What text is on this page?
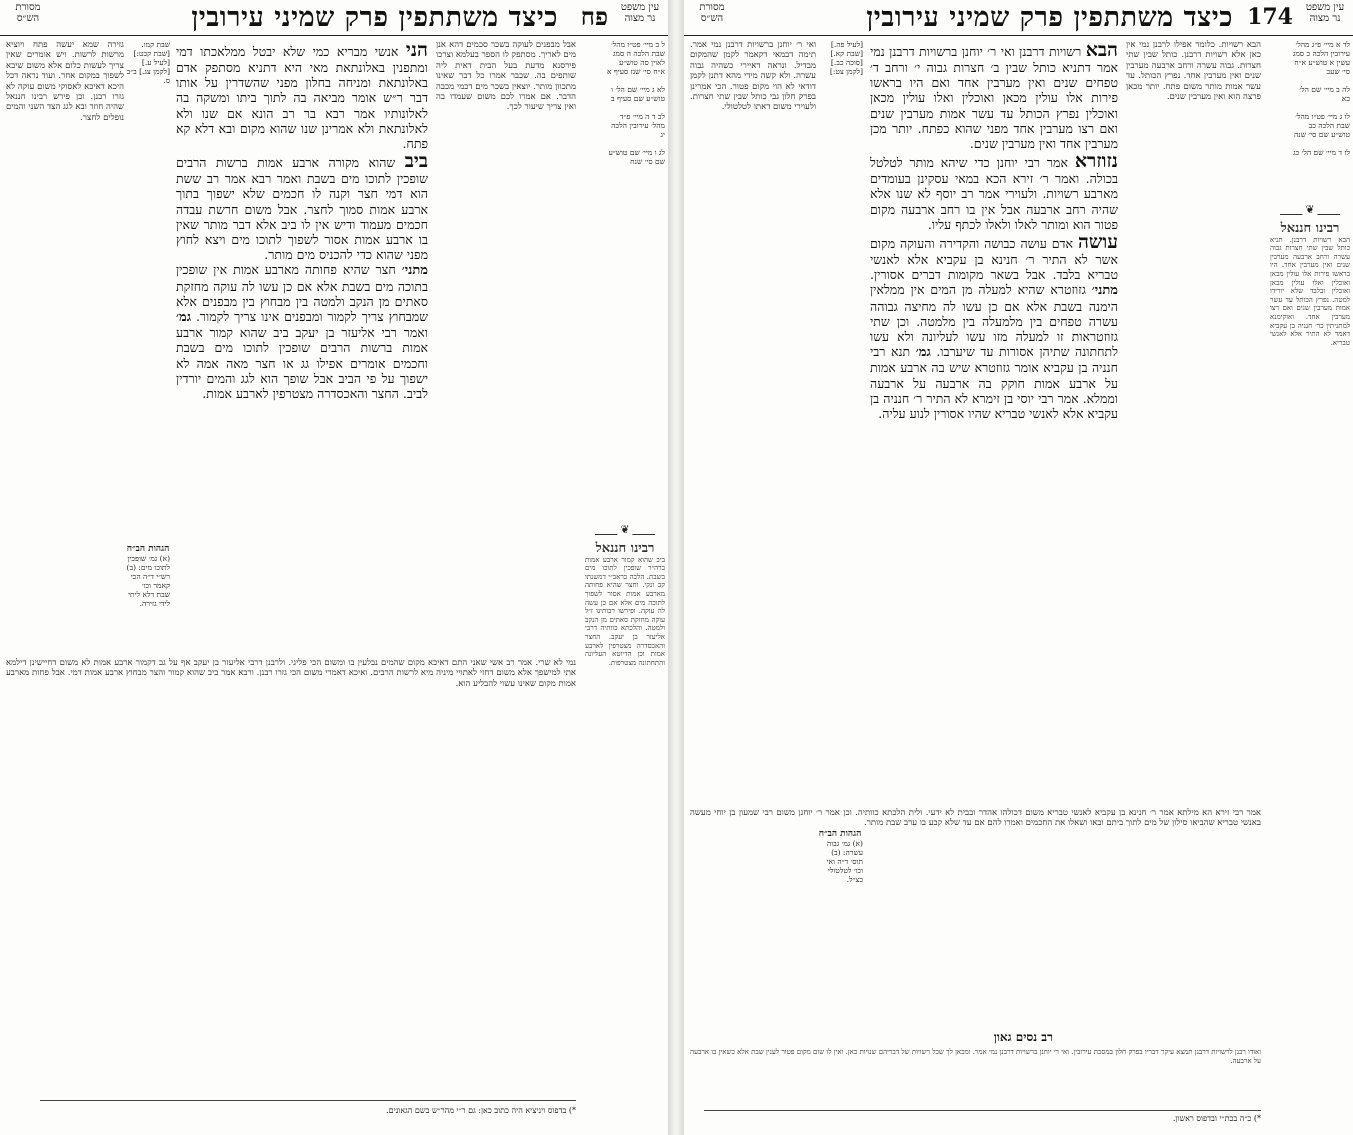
עין משפט
נר מצוה
פח
כיצד משתתפין פרק שמיני עירובין
מסורת
הש״ס
ל ב מיי׳ פט״ו מהל׳ שבת הלכה ה סמג לאוין סה טוש״ע א״ח סי׳ שנז סעיף א

לא ג מיי׳ שם הל׳ ו טוש״ע שם סעיף ב

לב ד ה מיי׳ פ״ד מהל׳ עירובין הלכה יג

לג ו מיי׳ שם טוש״ע שם סי׳ שנח
❦
רבינו חננאל
ביב שהוא קמור ארבע אמות ברה״ר שופכין לתוכו מים בשבת. הלכה כראב״י דמשנתו קב ונקי. וחצר שהיא פחותה מארבע אמות אסור לשפוך לתוכה מים אלא אם כן עשה לה עוקה. ופירשו רבותינו ז״ל עוקה מחזקת סאתים מן הנקב ולמטה. והלכתא כוותיה דרבי אליעזר בן יעקב. החצר והאכסדרה מצטרפין לארבע אמות וכן הדיוטא העליונה והתחתונה מצטרפות.
אבל מבפנים לעוקה בשכר סכמים דהא אנן מים לאריך. מסתפק לו הספר בעלמא וצרכו פירסנא מדעת בעל הבית דאית ליה שותפים בה. שכבר אמרו כל דבר שאינו מתכוון מותר. יוצאין בשכר מים דכמי מכבה הדבר. אם אמרו לכם משום שעמדו בה ואין צריך שיעור לכך.
הני אנשי מבריא כמי שלא יבטל ממלאכתו דמי ומתפנין באלונתאת מאי היא דתניא מסתפק אדם באלונתאת ומניחה בחלון מפני שהשדרין על אותו דבר ר״ש אומר מביאה בה לתוך ביתו ומשקה בה לאלונותיו אמר רבא בר רב הונא אם שנו ולא לאלונתאת ולא אמרינן שנו שהוא מקום ובא דלא קא פתח.
ביב שהוא מקורה ארבע אמות ברשות הרבים שופכין לתוכו מים בשבת ואמר רבא אמר רב ששת הוא דמי חצר וקנה לו חכמים שלא ישפוך בתוך ארבע אמות סמוך לחצר. אבל משום חרשת עבדה חכמים מעמוד ודיש אין לו ביב אלא דבר מותר שאין בו ארבע אמות אסור לשפוך לתוכו מים ויצא לחוץ מפני שהוא כדי להכניס מים מותר.
מתני׳ חצר שהיא פחותה מארבע אמות אין שופכין בתוכה מים בשבת אלא אם כן עשו לה עוקה מחזקת סאתים מן הנקב ולמטה בין מבחוץ בין מבפנים אלא שמבחוץ צריך לקמור ומבפנים אינו צריך לקמור. גמ׳ ואמר רבי אליעזר בן יעקב ביב שהוא קמור ארבע אמות ברשות הרבים שופכין לתוכו מים בשבת וחכמים אומרים אפילו גג או חצר מאה אמה לא ישפוך על פי הביב אבל שופך הוא לגג והמים יורדין לביב. החצר והאכסדרה מצטרפין לארבע אמות.
שבת קמו. [שבת קכט:] [לעיל ע.] [לקמן צג.] ב״ב ס.
הגהות הב״ח
(א) גמ׳ שופכין לתוכו מים: (ב) רש״י ד״ה הכי קאמר וכו׳ שבת דלא ליתי לידי גזירה.
גזירה שמא יעשה פתח ויוציא מרשות לרשות. ויש אומרים שאין צריך לעשות כלום אלא משום שיבא לשפוך במקום אחר. ועוד נראה דכל היכא דאיכא לאסוקי משום עוקה לא גזרו רבנן. וכן פירש רבינו חננאל שהיה חוזר ובא לגג הצד השני והמים נופלים לחצר.
נמי לא שרי. אמר רב אשי שאני התם דאיכא מקום שהמים נבלעין בו ומשום הכי פליגי. ולרבנן דרבי אליעזר בן יעקב אף על גב דקמור ארבע אמות לא משום דחיישינן דילמא אתי למישפך אלא משום דחזי לאתויי מיניה מיא לרשות הרבים. ואיכא דאמרי משום הכי גזרו רבנן. ורבא אמר ביב שהוא קמור והצר מבחוץ ארבע אמות דמי. אבל פחות מארבע אמות מקום שאינו עשוי להבליע הוא.
*) בדפוס ויניציא היה כתוב כאן: גם ר״י מהר״ש בשם הגאונים.
עין משפט
נר מצוה
174
כיצד משתתפין פרק שמיני עירובין
מסורת
הש״ס
לד א מיי׳ פ״ג מהל׳ עירובין הלכה כ סמג עשין א טוש״ע א״ח סי׳ שעב

לה ב מיי׳ שם הל׳ כא

לו ג מיי׳ פט״ו מהל׳ שבת הלכה כב טוש״ע שם סי׳ שנה

לז ד מיי׳ שם הל׳ כג
❦
רבינו חננאל
הבא רשויות דרבנן. תניא כותל שבין שתי חצרות גבוה עשרה ורחב ארבעה מערבין שנים ואין מערבין אחד. היו בראשו פירות אלו עולין מכאן ואוכלין ואלו עולין מכאן ואוכלין ובלבד שלא יורידו למטה. נפרץ הכותל עד עשר אמות מערבין שנים ואם רצו מערבין אחד. ואוקימנא למתניתין כר׳ חנניה בן עקביא דאמר לא התיר אלא לאנשי טבריא.
הבא רשויות. כלומר אפילו לרבנן נמי אין כאן אלא רשויות דרבנן. כותל שבין שתי חצרות. גבוה עשרה ורחב ארבעה מערבין שנים ואין מערבין אחד. נפרץ הכותל. עד עשר אמות מותר משום פתח. יותר מכאן פרצה הוא ואין מערבין שנים.
הבא רשויות דרבנן ואי ר׳ יוחנן ברשויות דרבנן נמי אמר דתניא כותל שבין ב׳ חצרות גבוה י׳ ורחב ד׳ טפחים שנים ואין מערבין אחד ואם היו בראשו פירות אלו עולין מכאן ואוכלין ואלו עולין מכאן ואוכלין נפרץ הכותל עד עשר אמות מערבין שנים ואם רצו מערבין אחד מפני שהוא כפתח. יותר מכן מערבין אחד ואין מערבין שנים.
נזוזרא אמר רבי יוחנן כדי שיהא מותר לטלטל בכולה. ואמר ר׳ זירא הכא במאי עסקינן בעומדים מארבע רשויות. ולעוירי אמר רב יוסף לא שנו אלא שהיה רחב ארבעה אבל אין בו רחב ארבעה מקום פטור הוא ומותר לאלו ולאלו לכתף עליו.
עושה אדם עושה כבושה והקדירה והעוקה מקום אשר לא התיר ר׳ חנינא בן עקביא אלא לאנשי טבריא בלבד. אבל בשאר מקומות דברים אסורין. מתני׳ גזוזטרא שהיא למעלה מן המים אין ממלאין הימנה בשבת אלא אם כן עשו לה מחיצה גבוהה עשרה טפחים בין מלמעלה בין מלמטה. וכן שתי גזוזטראות זו למעלה מזו עשו לעליונה ולא עשו לתחתונה שתיהן אסורות עד שיערבו. גמ׳ תנא רבי חנניה בן עקביא אומר גזוזטרא שיש בה ארבע אמות על ארבע אמות חוקק בה ארבעה על ארבעה וממלא. אמר רבי יוסי בן זימרא לא התיר ר׳ חנניה בן עקביא אלא לאנשי טבריא שהיו אסורין לנוע עליה.
[לעיל פה.] [שבת קא.] [סוכה כב.] [לקמן צט:]
הגהות הב״ח
(א) גמ׳ גבוה עשרה: (ב) תוס׳ ד״ה ואי וכו׳ לטלטולי כצ״ל.
ואי ר׳ יוחנן ברשויות דרבנן נמי אמר. תימה דבמאי דקאמר לקמן שהמקום מבדיל. ונראה דאיירי כשהיה גבוה עשרה. ולא קשה מידי מהא דתנן לקמן דודאי לא הוי מקום פטור. הכי אמרינן בפרק חלון גבי כותל שבין שתי חצרות. ולעוירי משום דאתו לטלטולי.
אמר רבי זירא הא מילתא אמר ר׳ חנינא בן עקביא לאנשי טבריא משום דכולהו אהדר ובבית לא ידעי. ולית הלכתא כוותיה. וכן אמר ר׳ יוחנן משום רבי שמעון בן יוחי מעשה באנשי טבריא שהביאו סילון של מים לתוך ביתם ובאו ושאלו את החכמים ואמרו להם אם עד שלא קבע בו ערב שבת מותר.
רב נסים גאון
ואודו רבנן לרשויות דרבנן תמצא עיקר דבריו בפרק חלון במסכת עירובין. ואי ר׳ יוחנן ברשויות דרבנן נמי אמר. ומכאן לך שכל רשויות של דבריהם שנויות כאן. ואין לו שום מקום פטור לענין שבת אלא כשאין בו ארבעה על ארבעה.
*) כ״ה בכת״י ובדפוס ראשון.
